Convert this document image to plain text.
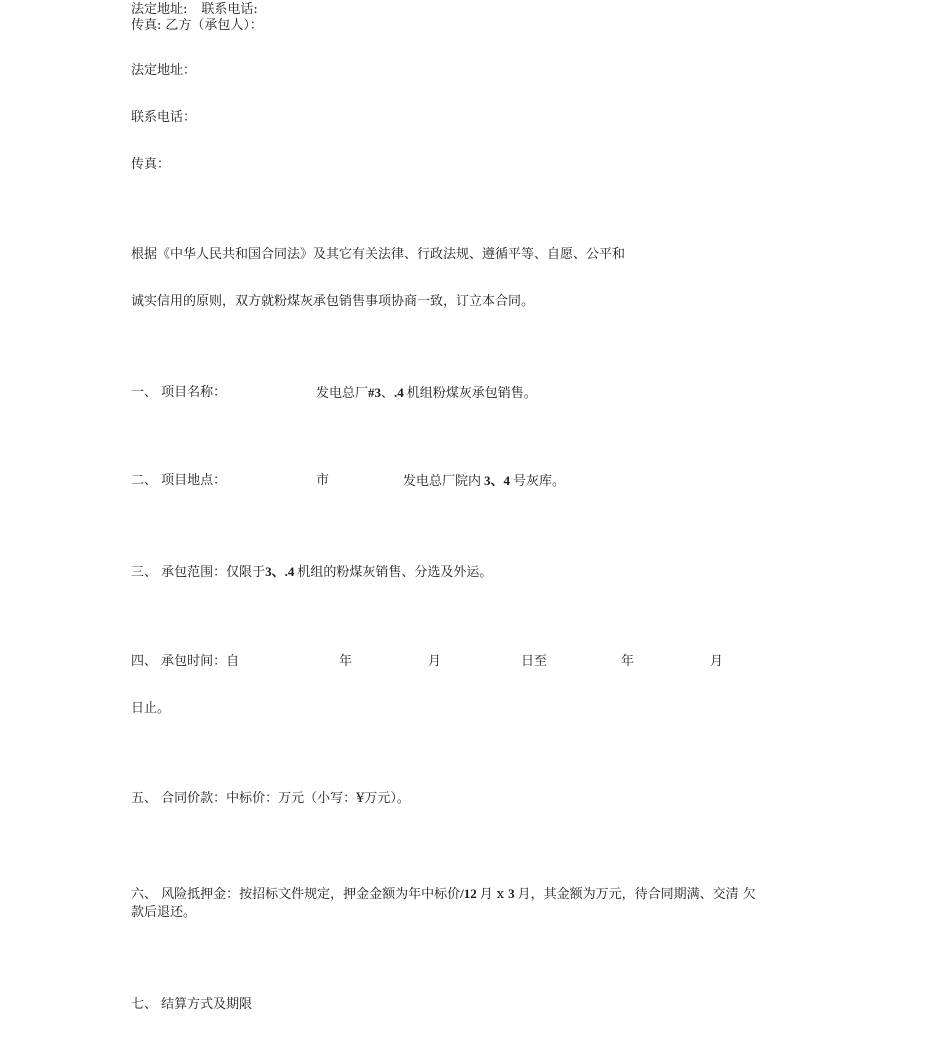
法定地址: 联系电话:
传真: 乙方（承包人）：
法定地址：
联系电话：
传真：
根据《中华人民共和国合同法》及其它有关法律、行政法规、遵循平等、自愿、公平和
诚实信用的原则，双方就粉煤灰承包销售事项协商一致，订立本合同。
一、 项目名称：	发电总厂#3、.4 机组粉煤灰承包销售。
二、 项目地点：	市	发电总厂院内 3、4 号灰库。
三、 承包范围：仅限于3、.4 机组的粉煤灰销售、分选及外运。
四、 承包时间：自	年	月	日至	年	月
日止。
五、 合同价款：中标价：万元（小写：¥万元）。
六、 风险抵押金：按招标文件规定，押金金额为年中标价/12 月 x 3 月，其金额为万元，待合同期满、交清 欠
款后退还。
七、 结算方式及期限
